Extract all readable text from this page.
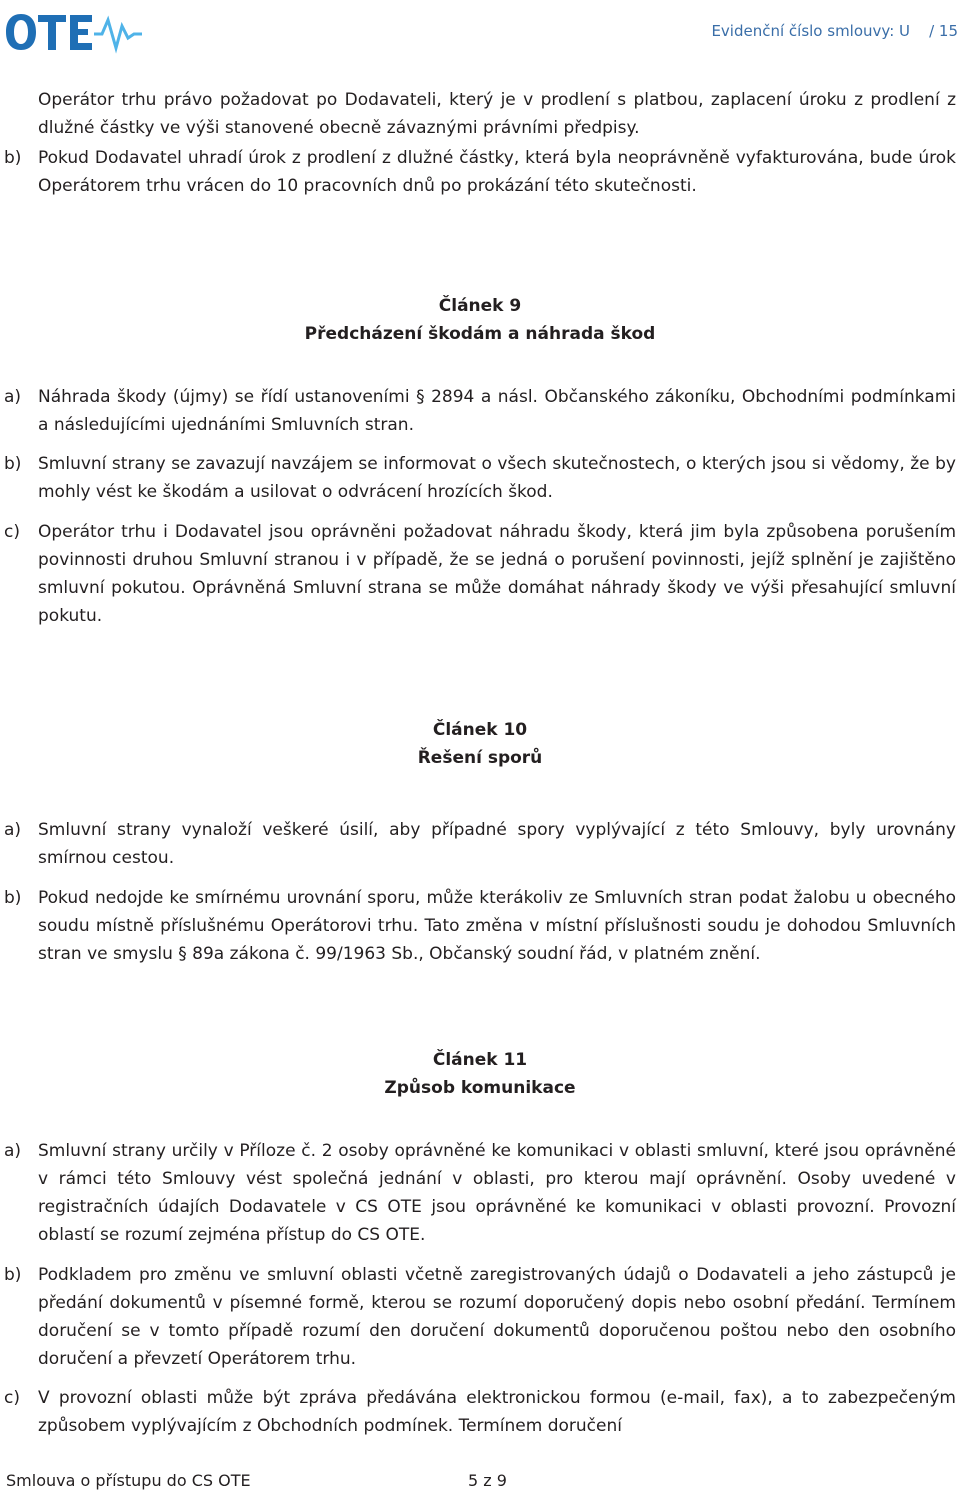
Evidenční číslo smlouvy: U / 15

Operátor trhu právo požadovat po Dodavateli, který je v prodlení s platbou, zaplacení úroku z prodlení z dlužné částky ve výši stanovené obecně závaznými právními předpisy.

b) Pokud Dodavatel uhradí úrok z prodlení z dlužné částky, která byla neoprávněně vyfakturována, bude úrok Operátorem trhu vrácen do 10 pracovních dnů po prokázání této skutečnosti.
Článek 9
Předcházení škodám a náhrada škod
a) Náhrada škody (újmy) se řídí ustanoveními § 2894 a násl. Občanského zákoníku, Obchodními podmínkami a následujícími ujednáními Smluvních stran.
b) Smluvní strany se zavazují navzájem se informovat o všech skutečnostech, o kterých jsou si vědomy, že by mohly vést ke škodám a usilovat o odvrácení hrozících škod.
c) Operátor trhu i Dodavatel jsou oprávněni požadovat náhradu škody, která jim byla způsobena porušením povinnosti druhou Smluvní stranou i v případě, že se jedná o porušení povinnosti, jejíž splnění je zajištěno smluvní pokutou. Oprávněná Smluvní strana se může domáhat náhrady škody ve výši přesahující smluvní pokutu.
Článek 10
Řešení sporů
a) Smluvní strany vynaloží veškeré úsilí, aby případné spory vyplývající z této Smlouvy, byly urovnány smírnou cestou.
b) Pokud nedojde ke smírnému urovnání sporu, může kterákoliv ze Smluvních stran podat žalobu u obecného soudu místně příslušnému Operátorovi trhu. Tato změna v místní příslušnosti soudu je dohodou Smluvních stran ve smyslu § 89a zákona č. 99/1963 Sb., Občanský soudní řád, v platném znění.
Článek 11
Způsob komunikace
a) Smluvní strany určily v Příloze č. 2 osoby oprávněné ke komunikaci v oblasti smluvní, které jsou oprávněné v rámci této Smlouvy vést společná jednání v oblasti, pro kterou mají oprávnění. Osoby uvedené v registračních údajích Dodavatele v CS OTE jsou oprávněné ke komunikaci v oblasti provozní. Provozní oblastí se rozumí zejména přístup do CS OTE.
b) Podkladem pro změnu ve smluvní oblasti včetně zaregistrovaných údajů o Dodavateli a jeho zástupců je předání dokumentů v písemné formě, kterou se rozumí doporučený dopis nebo osobní předání. Termínem doručení se v tomto případě rozumí den doručení dokumentů doporučenou poštou nebo den osobního doručení a převzetí Operátorem trhu.
c) V provozní oblasti může být zpráva předávána elektronickou formou (e-mail, fax), a to zabezpečeným způsobem vyplývajícím z Obchodních podmínek. Termínem doručení
Smlouva o přístupu do CS OTE	5 z 9
